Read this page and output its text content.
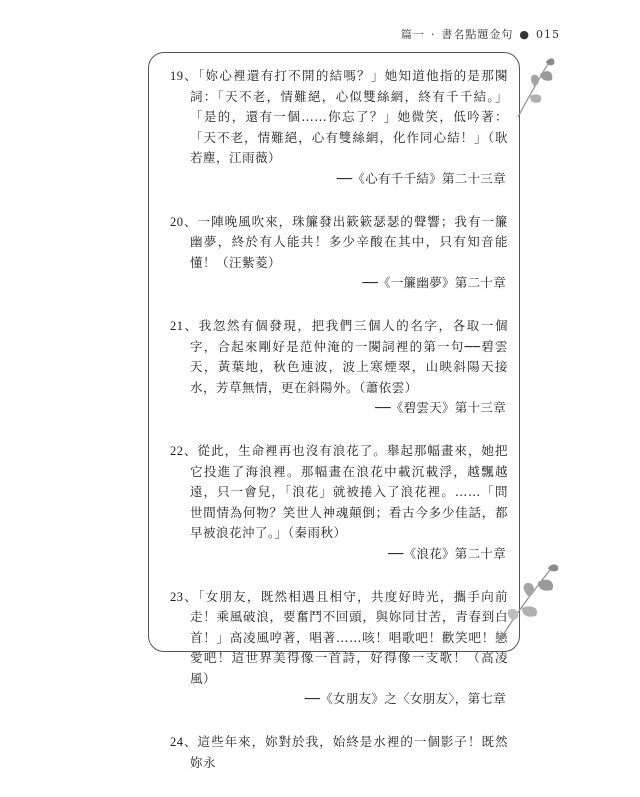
篇一 · 書名點題金句 ● 015
19、「妳心裡還有打不開的結嗎？」她知道他指的是那闋詞：「天不老，情難絕，心似雙絲網，終有千千結。」「是的，還有一個……你忘了？」她微笑，低吟著：「天不老，情難絕，心有雙絲網，化作同心結！」（耿若塵，江雨薇）
──《心有千千結》第二十三章
20、一陣晚風吹來，珠簾發出簌簌瑟瑟的聲響；我有一簾幽夢，終於有人能共！多少辛酸在其中，只有知音能懂！（汪紫菱）
──《一簾幽夢》第二十章
21、我忽然有個發現，把我們三個人的名字，各取一個字，合起來剛好是范仲淹的一闋詞裡的第一句──碧雲天，黃葉地，秋色連波，波上寒煙翠，山映斜陽天接水，芳草無情，更在斜陽外。（蕭依雲）
──《碧雲天》第十三章
22、從此，生命裡再也沒有浪花了。舉起那幅畫來，她把它投進了海浪裡。那幅畫在浪花中載沉載浮，越飄越遠，只一會兒，「浪花」就被捲入了浪花裡。……「問世間情為何物？笑世人神魂顛倒；看古今多少佳話，都早被浪花沖了。」（秦雨秋）
──《浪花》第二十章
23、「女朋友，既然相遇且相守，共度好時光，攜手向前走！乘風破浪，要奮鬥不回頭，與妳同甘苦，青春到白首！」高凌風哼著，唱著……咳！唱歌吧！歡笑吧！戀愛吧！這世界美得像一首詩，好得像一支歌！（高凌風）
──《女朋友》之〈女朋友〉，第七章
24、這些年來，妳對於我，始終是水裡的一個影子！既然妳永
